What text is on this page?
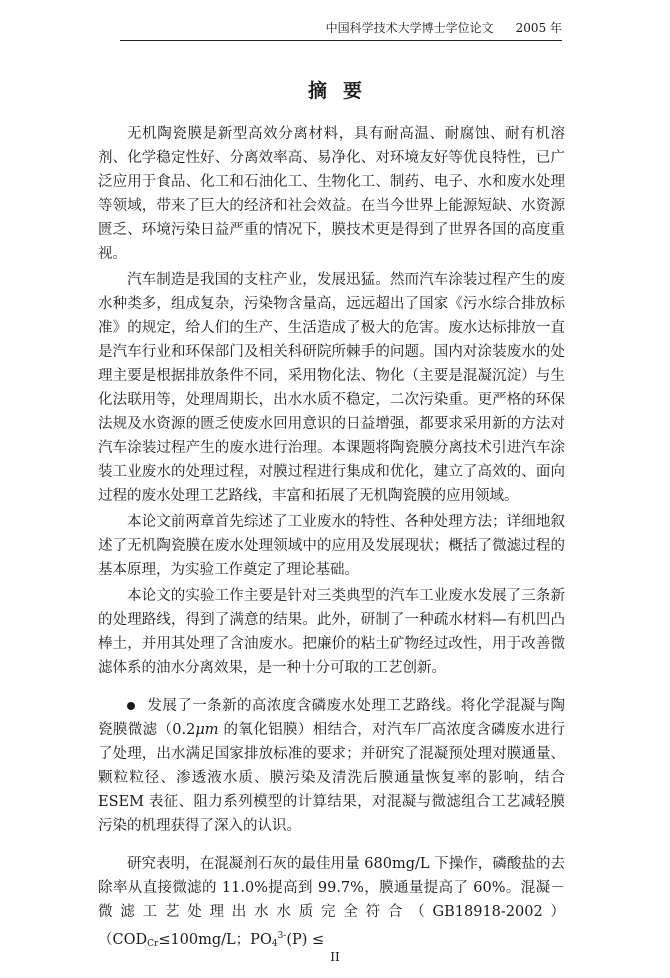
中国科学技术大学博士学位论文 2005 年
摘要

无机陶瓷膜是新型高效分离材料，具有耐高温、耐腐蚀、耐有机溶剂、化学稳定性好、分离效率高、易净化、对环境友好等优良特性，已广泛应用于食品、化工和石油化工、生物化工、制药、电子、水和废水处理等领域，带来了巨大的经济和社会效益。在当今世界上能源短缺、水资源匮乏、环境污染日益严重的情况下，膜技术更是得到了世界各国的高度重视。

汽车制造是我国的支柱产业，发展迅猛。然而汽车涂装过程产生的废水种类多，组成复杂，污染物含量高，远远超出了国家《污水综合排放标准》的规定，给人们的生产、生活造成了极大的危害。废水达标排放一直是汽车行业和环保部门及相关科研院所棘手的问题。国内对涂装废水的处理主要是根据排放条件不同，采用物化法、物化（主要是混凝沉淀）与生化法联用等，处理周期长，出水水质不稳定，二次污染重。更严格的环保法规及水资源的匮乏使废水回用意识的日益增强，都要求采用新的方法对汽车涂装过程产生的废水进行治理。本课题将陶瓷膜分离技术引进汽车涂装工业废水的处理过程，对膜过程进行集成和优化，建立了高效的、面向过程的废水处理工艺路线，丰富和拓展了无机陶瓷膜的应用领域。

本论文前两章首先综述了工业废水的特性、各种处理方法；详细地叙述了无机陶瓷膜在废水处理领域中的应用及发展现状；概括了微滤过程的基本原理，为实验工作奠定了理论基础。

本论文的实验工作主要是针对三类典型的汽车工业废水发展了三条新的处理路线，得到了满意的结果。此外，研制了一种疏水材料—有机凹凸棒土，并用其处理了含油废水。把廉价的粘土矿物经过改性，用于改善微滤体系的油水分离效果，是一种十分可取的工艺创新。

发展了一条新的高浓度含磷废水处理工艺路线。将化学混凝与陶瓷膜微滤（0.2μm 的氧化铝膜）相结合，对汽车厂高浓度含磷废水进行了处理，出水满足国家排放标准的要求；并研究了混凝预处理对膜通量、颗粒粒径、渗透液水质、膜污染及清洗后膜通量恢复率的影响，结合 ESEM 表征、阻力系列模型的计算结果，对混凝与微滤组合工艺减轻膜污染的机理获得了深入的认识。

研究表明，在混凝剂石灰的最佳用量 680mg/L 下操作，磷酸盐的去除率从直接微滤的 11.0%提高到 99.7%，膜通量提高了 60%。混凝－微滤工艺处理出水水质完全符合$(GB18918-2002)(COD_{Cr}\le 100mg/L$；$PO_4^{3-}(P)$ ≤

II
